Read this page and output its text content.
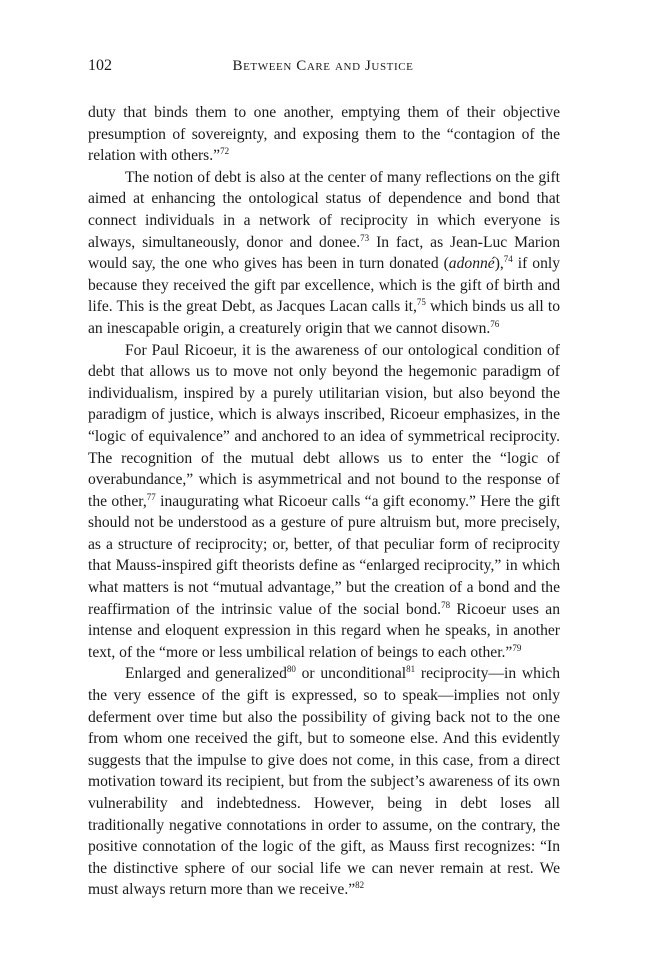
102	Between Care and Justice

duty that binds them to one another, emptying them of their objective presumption of sovereignty, and exposing them to the “contagion of the relation with others.”$^{72}$

The notion of debt is also at the center of many reflections on the gift aimed at enhancing the ontological status of dependence and bond that connect individuals in a network of reciprocity in which everyone is always, simultaneously, donor and donee.$^{73}$ In fact, as Jean-Luc Marion would say, the one who gives has been in turn donated (adonné),$^{74}$ if only because they received the gift par excellence, which is the gift of birth and life. This is the great Debt, as Jacques Lacan calls it,$^{75}$ which binds us all to an inescapable origin, a creaturely origin that we cannot disown.$^{76}$

For Paul Ricoeur, it is the awareness of our ontological condition of debt that allows us to move not only beyond the hegemonic paradigm of individualism, inspired by a purely utilitarian vision, but also beyond the paradigm of justice, which is always inscribed, Ricoeur emphasizes, in the “logic of equivalence” and anchored to an idea of symmetrical reciprocity. The recognition of the mutual debt allows us to enter the “logic of overabundance,” which is asymmetrical and not bound to the response of the other,$^{77}$ inaugurating what Ricoeur calls “a gift economy.” Here the gift should not be understood as a gesture of pure altruism but, more precisely, as a structure of reciprocity; or, better, of that peculiar form of reciprocity that Mauss-inspired gift theorists define as “enlarged reciprocity,” in which what matters is not “mutual advantage,” but the creation of a bond and the reaffirmation of the intrinsic value of the social bond.$^{78}$ Ricoeur uses an intense and eloquent expression in this regard when he speaks, in another text, of the “more or less umbilical relation of beings to each other.”$^{79}$

Enlarged and generalized$^{80}$ or unconditional$^{81}$ reciprocity—in which the very essence of the gift is expressed, so to speak—implies not only deferment over time but also the possibility of giving back not to the one from whom one received the gift, but to someone else. And this evidently suggests that the impulse to give does not come, in this case, from a direct motivation toward its recipient, but from the subject’s awareness of its own vulnerability and indebtedness. However, being in debt loses all traditionally negative connotations in order to assume, on the contrary, the positive connotation of the logic of the gift, as Mauss first recognizes: “In the distinctive sphere of our social life we can never remain at rest. We must always return more than we receive.”$^{82}$
